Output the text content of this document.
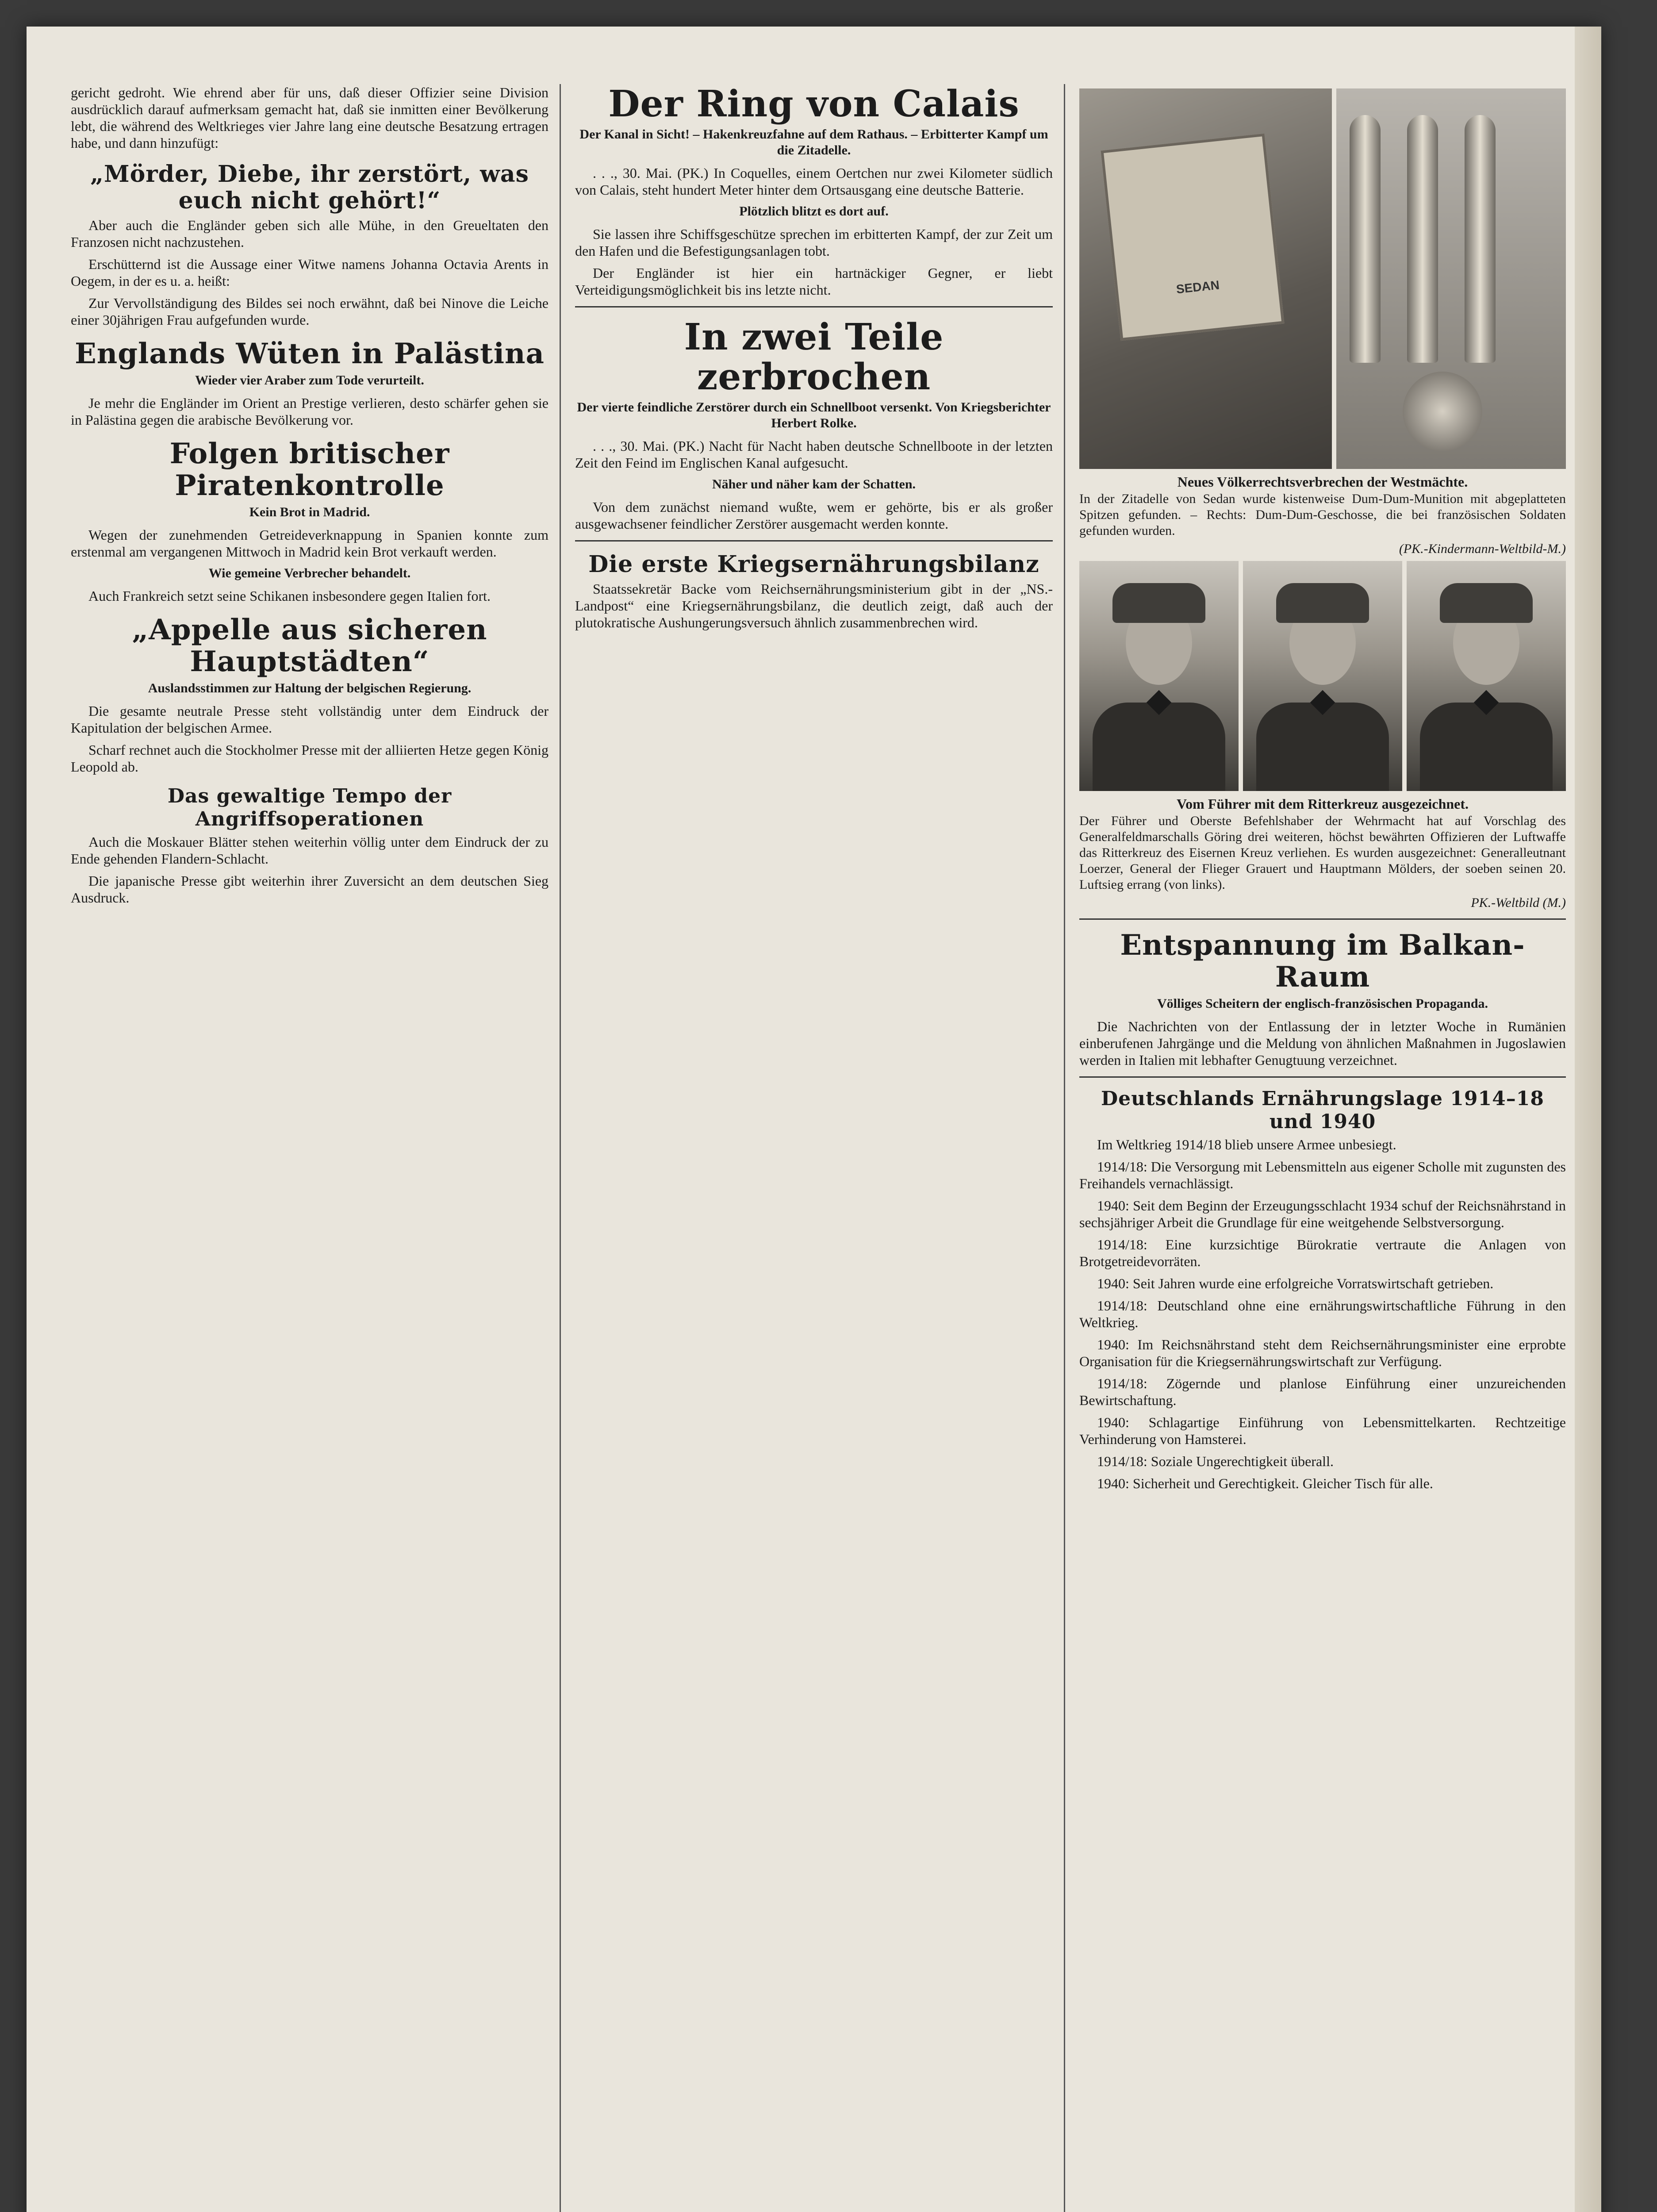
gericht gedroht. Wie ehrend aber für uns, daß dieser Offizier seine Division ausdrücklich darauf aufmerksam gemacht hat, daß sie inmitten einer Bevölkerung lebt, die während des Weltkrieges vier Jahre lang eine deutsche Besatzung ertragen habe, und dann hinzufügt:

„Mörder, Diebe, ihr zerstört, was euch nicht gehört!“

Aber auch die Engländer geben sich alle Mühe, in den Greueltaten den Franzosen nicht nachzustehen.

Erschütternd ist die Aussage einer Witwe namens Johanna Octavia Arents in Oegem, in der es u. a. heißt:

Zur Vervollständigung des Bildes sei noch erwähnt, daß bei Ninove die Leiche einer 30jährigen Frau aufgefunden wurde.

Englands Wüten in Palästina
Wieder vier Araber zum Tode verurteilt.

Je mehr die Engländer im Orient an Prestige verlieren, desto schärfer gehen sie in Palästina gegen die arabische Bevölkerung vor.

Folgen britischer Piratenkontrolle
Kein Brot in Madrid.

Wegen der zunehmenden Getreideverknappung in Spanien konnte zum erstenmal am vergangenen Mittwoch in Madrid kein Brot verkauft werden.

Wie gemeine Verbrecher behandelt.

Auch Frankreich setzt seine Schikanen insbesondere gegen Italien fort.

„Appelle aus sicheren Hauptstädten“
Auslandsstimmen zur Haltung der belgischen Regierung.

Die gesamte neutrale Presse steht vollständig unter dem Eindruck der Kapitulation der belgischen Armee.

Scharf rechnet auch die Stockholmer Presse mit der alliierten Hetze gegen König Leopold ab.

Das gewaltige Tempo der Angriffsoperationen

Auch die Moskauer Blätter stehen weiterhin völlig unter dem Eindruck der zu Ende gehenden Flandern-Schlacht.

Die japanische Presse gibt weiterhin ihrer Zuversicht an dem deutschen Sieg Ausdruck.

Der Ring von Calais
Der Kanal in Sicht! – Hakenkreuzfahne auf dem Rathaus. – Erbitterter Kampf um die Zitadelle.

. . ., 30. Mai. (PK.) In Coquelles, einem Oertchen nur zwei Kilometer südlich von Calais, steht hundert Meter hinter dem Ortsausgang eine deutsche Batterie.

Plötzlich blitzt es dort auf.

Sie lassen ihre Schiffsgeschütze sprechen im erbitterten Kampf, der zur Zeit um den Hafen und die Befestigungsanlagen tobt.

Der Engländer ist hier ein hartnäckiger Gegner, er liebt Verteidigungsmöglichkeit bis ins letzte nicht.

In zwei Teile zerbrochen
Der vierte feindliche Zerstörer durch ein Schnellboot versenkt. Von Kriegsberichter Herbert Rolke.

. . ., 30. Mai. (PK.) Nacht für Nacht haben deutsche Schnellboote in der letzten Zeit den Feind im Englischen Kanal aufgesucht.

Näher und näher kam der Schatten.

Von dem zunächst niemand wußte, wem er gehörte, bis er als großer ausgewachsener feindlicher Zerstörer ausgemacht werden konnte.

Die erste Kriegsernährungsbilanz

Staatssekretär Backe vom Reichsernährungsministerium gibt in der „NS.-Landpost“ eine Kriegsernährungsbilanz, die deutlich zeigt, daß auch der plutokratische Aushungerungsversuch ähnlich zusammenbrechen wird.

SEDAN
Neues Völkerrechtsverbrechen der Westmächte.

In der Zitadelle von Sedan wurde kistenweise Dum-Dum-Munition mit abgeplatteten Spitzen gefunden. – Rechts: Dum-Dum-Geschosse, die bei französischen Soldaten gefunden wurden.

(PK.-Kindermann-Weltbild-M.)

Vom Führer mit dem Ritterkreuz ausgezeichnet.

Der Führer und Oberste Befehlshaber der Wehrmacht hat auf Vorschlag des Generalfeldmarschalls Göring drei weiteren, höchst bewährten Offizieren der Luftwaffe das Ritterkreuz des Eisernen Kreuz verliehen. Es wurden ausgezeichnet: Generalleutnant Loerzer, General der Flieger Grauert und Hauptmann Mölders, der soeben seinen 20. Luftsieg errang (von links).

PK.-Weltbild (M.)

Entspannung im Balkan-Raum
Völliges Scheitern der englisch-französischen Propaganda.

Die Nachrichten von der Entlassung der in letzter Woche in Rumänien einberufenen Jahrgänge und die Meldung von ähnlichen Maßnahmen in Jugoslawien werden in Italien mit lebhafter Genugtuung verzeichnet.

Deutschlands Ernährungslage 1914–18 und 1940

Im Weltkrieg 1914/18 blieb unsere Armee unbesiegt.

1914/18: Die Versorgung mit Lebensmitteln aus eigener Scholle mit zugunsten des Freihandels vernachlässigt.

1940: Seit dem Beginn der Erzeugungsschlacht 1934 schuf der Reichsnährstand in sechsjähriger Arbeit die Grundlage für eine weitgehende Selbstversorgung.

1914/18: Eine kurzsichtige Bürokratie vertraute die Anlagen von Brotgetreidevorräten.

1940: Seit Jahren wurde eine erfolgreiche Vorratswirtschaft getrieben.

1914/18: Deutschland ohne eine ernährungswirtschaftliche Führung in den Weltkrieg.

1940: Im Reichsnährstand steht dem Reichsernährungsminister eine erprobte Organisation für die Kriegsernährungswirtschaft zur Verfügung.

1914/18: Zögernde und planlose Einführung einer unzureichenden Bewirtschaftung.

1940: Schlagartige Einführung von Lebensmittelkarten. Rechtzeitige Verhinderung von Hamsterei.

1914/18: Soziale Ungerechtigkeit überall.

1940: Sicherheit und Gerechtigkeit. Gleicher Tisch für alle.
